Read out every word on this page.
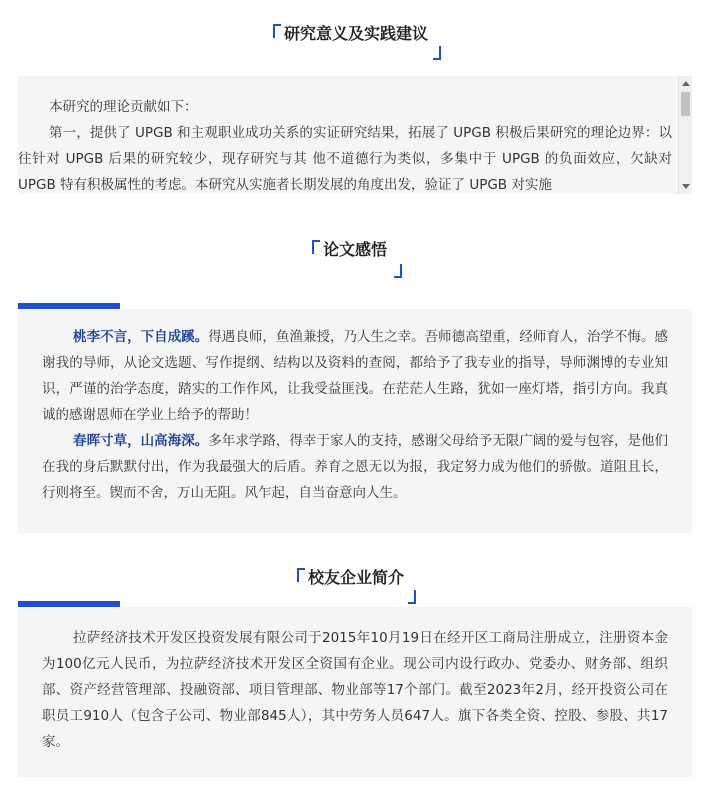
研究意义及实践建议

本研究的理论贡献如下：

第一，提供了 UPGB 和主观职业成功关系的实证研究结果，拓展了 UPGB 积极后果研究的理论边界：以往针对 UPGB 后果的研究较少，现存研究与其 他不道德行为类似，多集中于 UPGB 的负面效应，欠缺对 UPGB 特有积极属性的考虑。本研究从实施者长期发展的角度出发，验证了 UPGB 对实施

论文感悟

桃李不言，下自成蹊。得遇良师，鱼渔兼授，乃人生之幸。吾师德高望重，经师育人，治学不悔。感谢我的导师，从论文选题、写作提纲、结构以及资料的查阅，都给予了我专业的指导，导师渊博的专业知识，严谨的治学态度，踏实的工作作风，让我受益匪浅。在茫茫人生路，犹如一座灯塔，指引方向。我真诚的感谢恩师在学业上给予的帮助！

春晖寸草，山高海深。多年求学路，得幸于家人的支持，感谢父母给予无限广阔的爱与包容，是他们在我的身后默默付出，作为我最强大的后盾。养育之恩无以为报，我定努力成为他们的骄傲。道阻且长，行则将至。锲而不舍，万山无阻。风乍起，自当奋意向人生。

校友企业简介

拉萨经济技术开发区投资发展有限公司于2015年10月19日在经开区工商局注册成立，注册资本金为100亿元人民币，为拉萨经济技术开发区全资国有企业。现公司内设行政办、党委办、财务部、组织部、资产经营管理部、投融资部、项目管理部、物业部等17个部门。截至2023年2月，经开投资公司在职员工910人（包含子公司、物业部845人），其中劳务人员647人。旗下各类全资、控股、参股、共17家。
